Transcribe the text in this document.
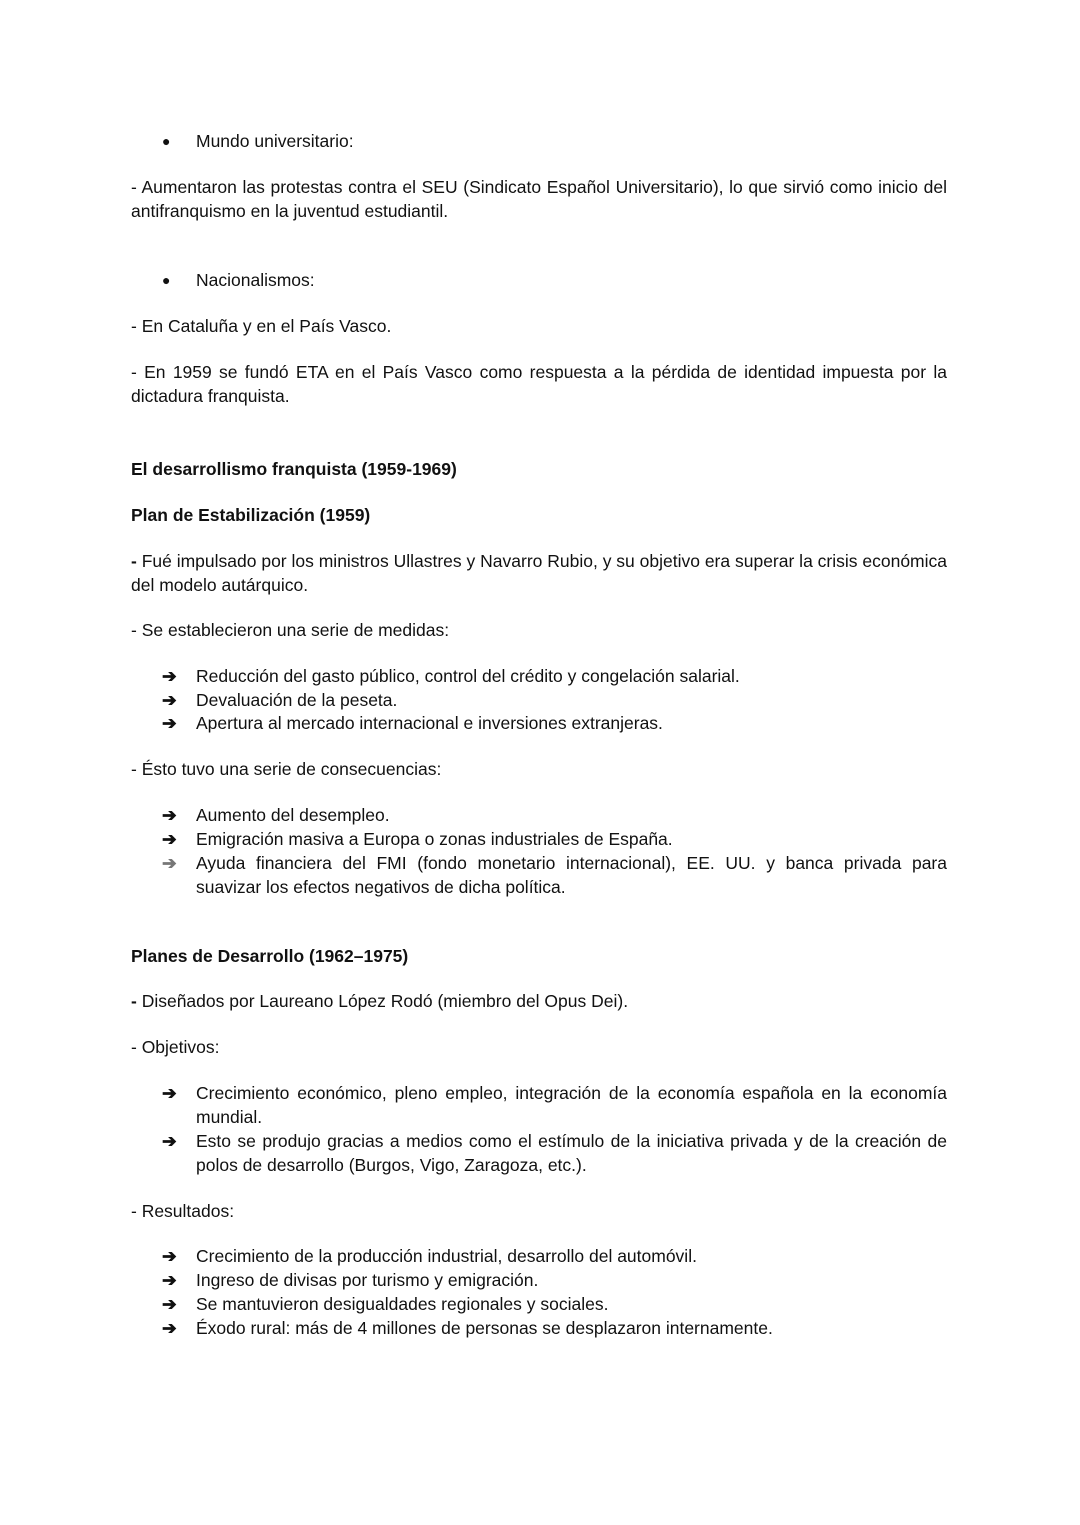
●	Mundo universitario:
- Aumentaron las protestas contra el SEU (Sindicato Español Universitario), lo que sirvió como inicio del antifranquismo en la juventud estudiantil.
●	Nacionalismos:
- En Cataluña y en el País Vasco.
- En 1959 se fundó ETA en el País Vasco como respuesta a la pérdida de identidad impuesta por la dictadura franquista.
El desarrollismo franquista (1959-1969)
Plan de Estabilización (1959)
- Fué impulsado por los ministros Ullastres y Navarro Rubio, y su objetivo era superar la crisis económica del modelo autárquico.
- Se establecieron una serie de medidas:
➔	Reducción del gasto público, control del crédito y congelación salarial.
➔	Devaluación de la peseta.
➔	Apertura al mercado internacional e inversiones extranjeras.
- Ésto tuvo una serie de consecuencias:
➔	Aumento del desempleo.
➔	Emigración masiva a Europa o zonas industriales de España.
➔	Ayuda financiera del FMI (fondo monetario internacional), EE. UU. y banca privada para suavizar los efectos negativos de dicha política.
Planes de Desarrollo (1962–1975)
- Diseñados por Laureano López Rodó (miembro del Opus Dei).
- Objetivos:
➔	Crecimiento económico, pleno empleo, integración de la economía española en la economía mundial.
➔	Esto se produjo gracias a medios como el estímulo de la iniciativa privada y de la creación de polos de desarrollo (Burgos, Vigo, Zaragoza, etc.).
- Resultados:
➔	Crecimiento de la producción industrial, desarrollo del automóvil.
➔	Ingreso de divisas por turismo y emigración.
➔	Se mantuvieron desigualdades regionales y sociales.
➔	Éxodo rural: más de 4 millones de personas se desplazaron internamente.
